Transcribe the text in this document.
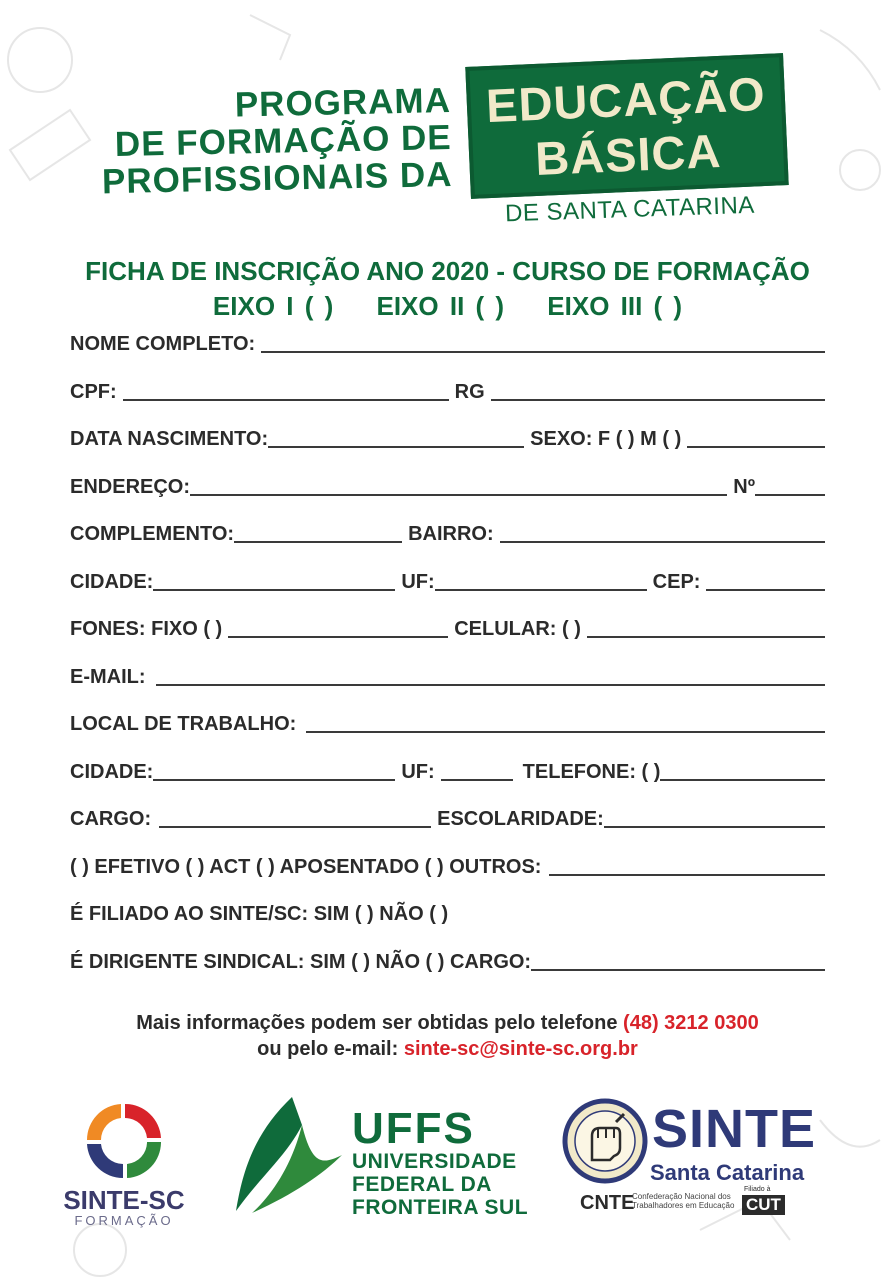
PROGRAMA
DE FORMAÇÃO DE
PROFISSIONAIS DA
EDUCAÇÃO
BÁSICA
DE SANTA CATARINA
FICHA DE INSCRIÇÃO ANO 2020 - CURSO DE FORMAÇÃO
EIXO I ( ) EIXO II ( ) EIXO III ( )
NOME COMPLETO:
CPF:	RG
DATA NASCIMENTO:	SEXO: F ( ) M ( )
ENDEREÇO:	Nº
COMPLEMENTO:	BAIRRO:
CIDADE:	UF:	CEP:
FONES: FIXO ( )	CELULAR: ( )
E-MAIL:
LOCAL DE TRABALHO:
CIDADE:	UF:	TELEFONE: ( )
CARGO:	ESCOLARIDADE:
( ) EFETIVO ( ) ACT ( ) APOSENTADO ( ) OUTROS:
É FILIADO AO SINTE/SC: SIM ( ) NÃO ( )
É DIRIGENTE SINDICAL: SIM ( ) NÃO ( ) CARGO:
Mais informações podem ser obtidas pelo telefone (48) 3212 0300
ou pelo e-mail: sinte-sc@sinte-sc.org.br
SINTE-SC
FORMAÇÃO
UFFS
UNIVERSIDADE
FEDERAL DA
FRONTEIRA SUL
SINTE
Santa Catarina
CNTE
Confederação Nacional dos Trabalhadores em Educação
Filiado à
CUT
